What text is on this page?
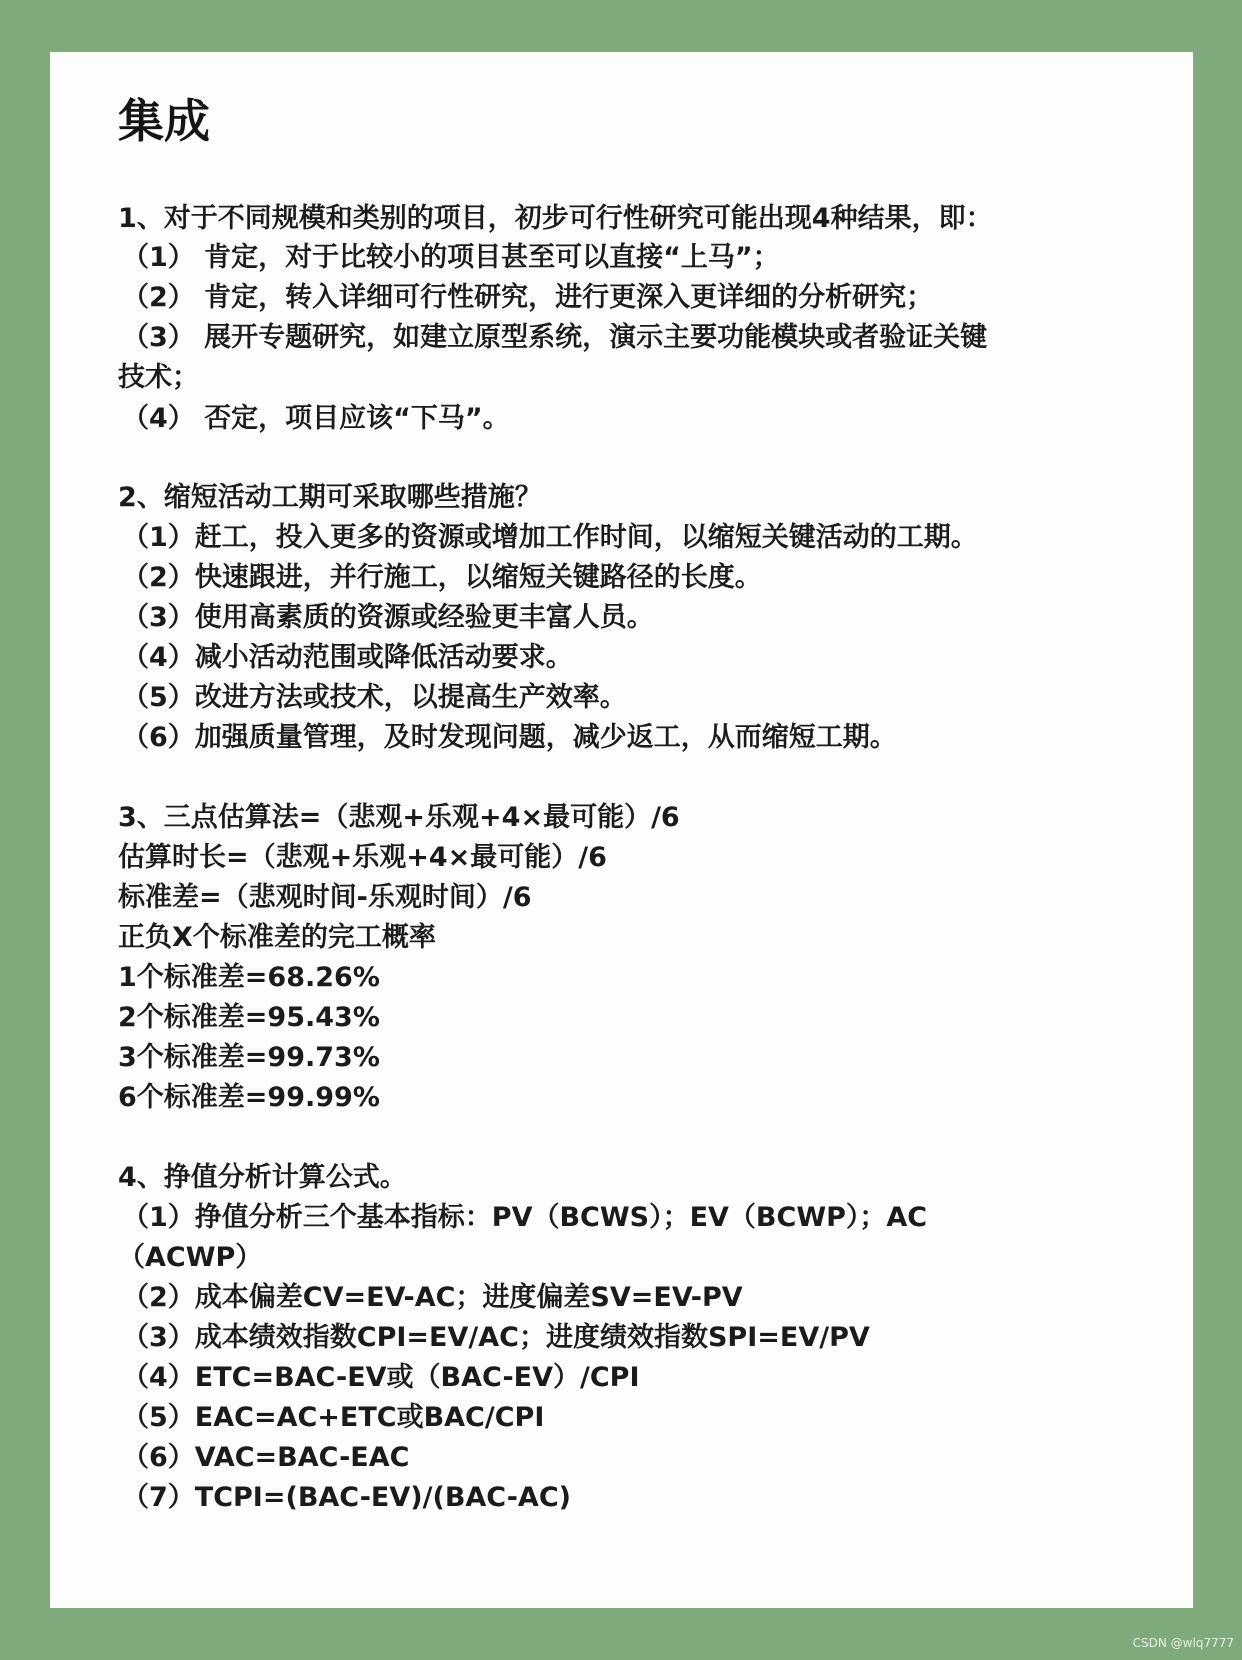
集成
1、对于不同规模和类别的项目，初步可行性研究可能出现4种结果，即：
（1） 肯定，对于比较小的项目甚至可以直接“上马”；
（2） 肯定，转入详细可行性研究，进行更深入更详细的分析研究；
（3） 展开专题研究，如建立原型系统，演示主要功能模块或者验证关键
技术；
（4） 否定，项目应该“下马”。
2、缩短活动工期可采取哪些措施？
（1）赶工，投入更多的资源或增加工作时间，以缩短关键活动的工期。
（2）快速跟进，并行施工，以缩短关键路径的长度。
（3）使用高素质的资源或经验更丰富人员。
（4）减小活动范围或降低活动要求。
（5）改进方法或技术，以提高生产效率。
（6）加强质量管理，及时发现问题，减少返工，从而缩短工期。
3、三点估算法=（悲观+乐观+4×最可能）/6
估算时长=（悲观+乐观+4×最可能）/6
标准差=（悲观时间-乐观时间）/6
正负X个标准差的完工概率
1个标准差=68.26%
2个标准差=95.43%
3个标准差=99.73%
6个标准差=99.99%
4、挣值分析计算公式。
（1）挣值分析三个基本指标：PV（BCWS）；EV（BCWP）；AC
（ACWP）
（2）成本偏差CV=EV-AC；进度偏差SV=EV-PV
（3）成本绩效指数CPI=EV/AC；进度绩效指数SPI=EV/PV
（4）ETC=BAC-EV或（BAC-EV）/CPI
（5）EAC=AC+ETC或BAC/CPI
（6）VAC=BAC-EAC
（7）TCPI=(BAC-EV)/(BAC-AC)
CSDN @wlq7777
